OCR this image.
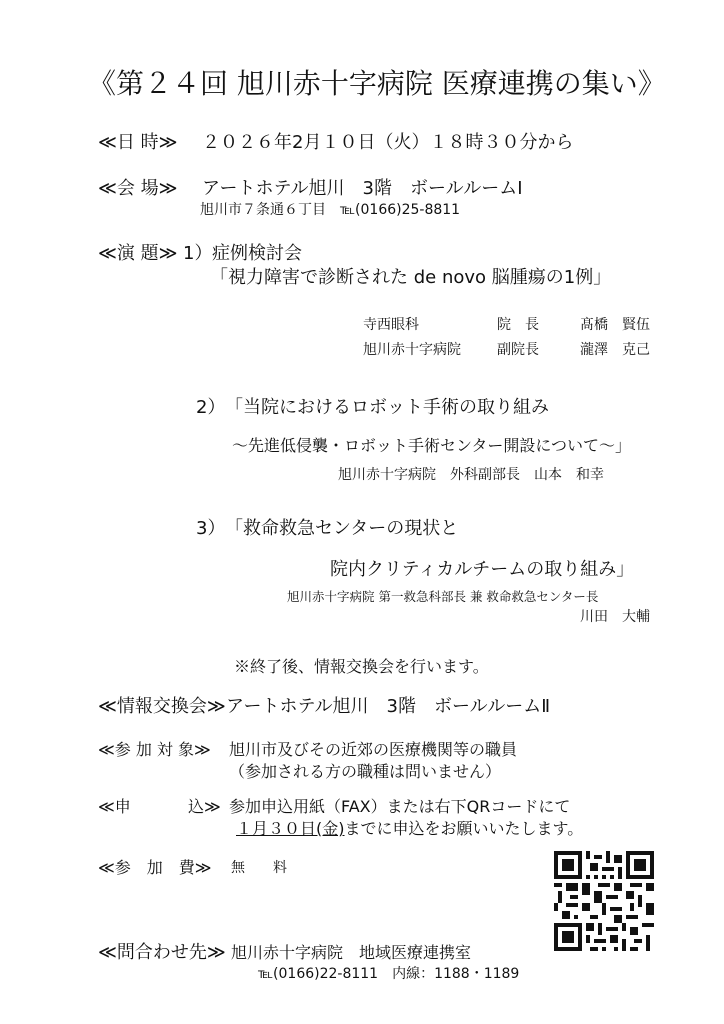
《第２４回 旭川赤十字病院 医療連携の集い》
≪日 時≫ ２０２６年2月１０日（火）１８時３０分から
≪会 場≫ アートホテル旭川　3階　ボールルームⅠ
旭川市７条通６丁目　℡(0166)25-8811
≪演 題≫ 1） 症例検討会
「視力障害で診断された de novo 脳腫瘍の1例」
寺西眼科	院　長	髙橋　賢伍
旭川赤十字病院	副院長	瀧澤　克己
2） 「当院におけるロボット手術の取り組み
～先進低侵襲・ロボット手術センター開設について～」
旭川赤十字病院　外科副部長　山本　和幸
3） 「救命救急センターの現状と
院内クリティカルチームの取り組み」
旭川赤十字病院 第一救急科部長 兼 救命救急センター長
川田　大輔
※終了後、情報交換会を行います。
≪情報交換会≫ アートホテル旭川　3階　ボールルームⅡ
≪参 加 対 象≫ 旭川市及びその近郊の医療機関等の職員
（参加される方の職種は問いません）
≪申	込≫ 参加申込用紙（FAX）または右下QRコードにて
１月３０日(金)までに申込をお願いいたします。
≪参　加　費≫ 無　　料
≪問合わせ先≫ 旭川赤十字病院　地域医療連携室
℡(0166)22-8111　内線：1188・1189
